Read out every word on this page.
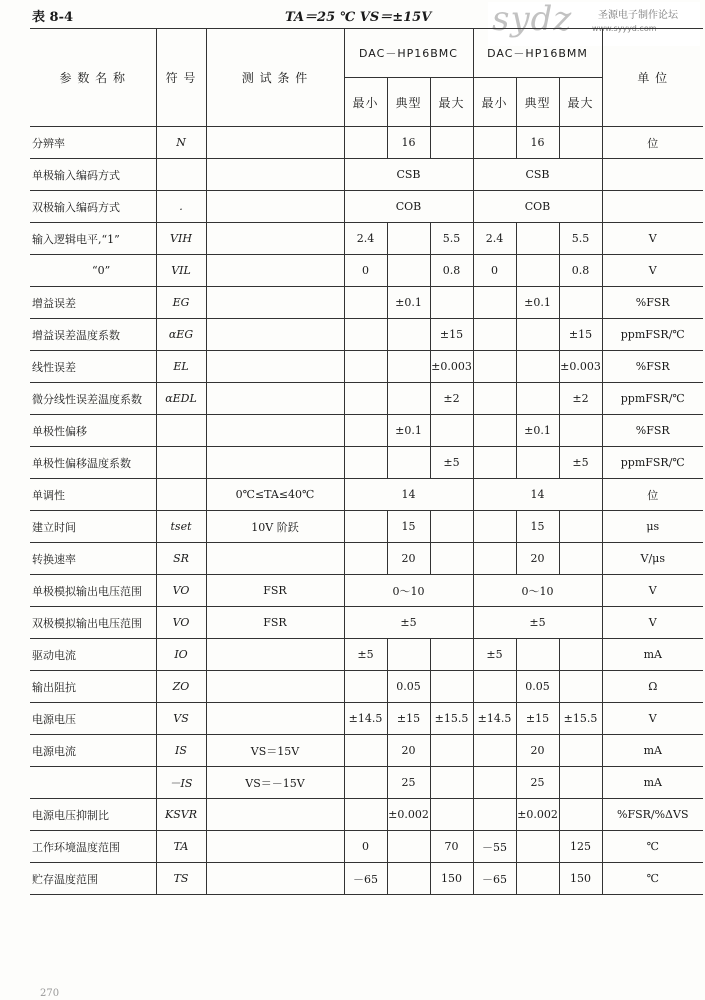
表 8-4	TA＝25 ℃ VS＝±15V sydz	圣源电子制作论坛
www.syyyd.com
参 数 名 称	符 号	测 试 条 件	DAC－HP16BMC			DAC－HP16BMM			单 位
			最小	典型	最大	最小	典型	最大	
分辨率	N			16			16		位
单极输入编码方式			CSB			CSB			
双极输入编码方式	.		COB			COB			
输入逻辑电平,“1”	VIH		2.4		5.5	2.4		5.5	V
“0”	VIL		0		0.8	0		0.8	V
增益误差	EG			±0.1			±0.1		%FSR
增益误差温度系数	αEG				±15			±15	ppmFSR/℃
线性误差	EL				±0.003			±0.003	%FSR
微分线性误差温度系数	αEDL				±2			±2	ppmFSR/℃
单极性偏移				±0.1			±0.1		%FSR
单极性偏移温度系数					±5			±5	ppmFSR/℃
单调性		0℃≤TA≤40℃	14			14			位
建立时间	tset	10V 阶跃		15			15		μs
转换速率	SR			20			20		V/μs
单极模拟输出电压范围	VO	FSR	0～10			0～10			V
双极模拟输出电压范围	VO	FSR	±5			±5			V
驱动电流	IO		±5			±5			mA
输出阻抗	ZO			0.05			0.05		Ω
电源电压	VS		±14.5	±15	±15.5	±14.5	±15	±15.5	V
电源电流	IS	VS＝15V		20			20		mA
	－IS	VS＝－15V		25			25		mA
电源电压抑制比	KSVR			±0.002			±0.002		%FSR/%ΔVS
工作环境温度范围	TA		0		70	－55		125	℃
贮存温度范围	TS		－65		150	－65		150	℃
270
